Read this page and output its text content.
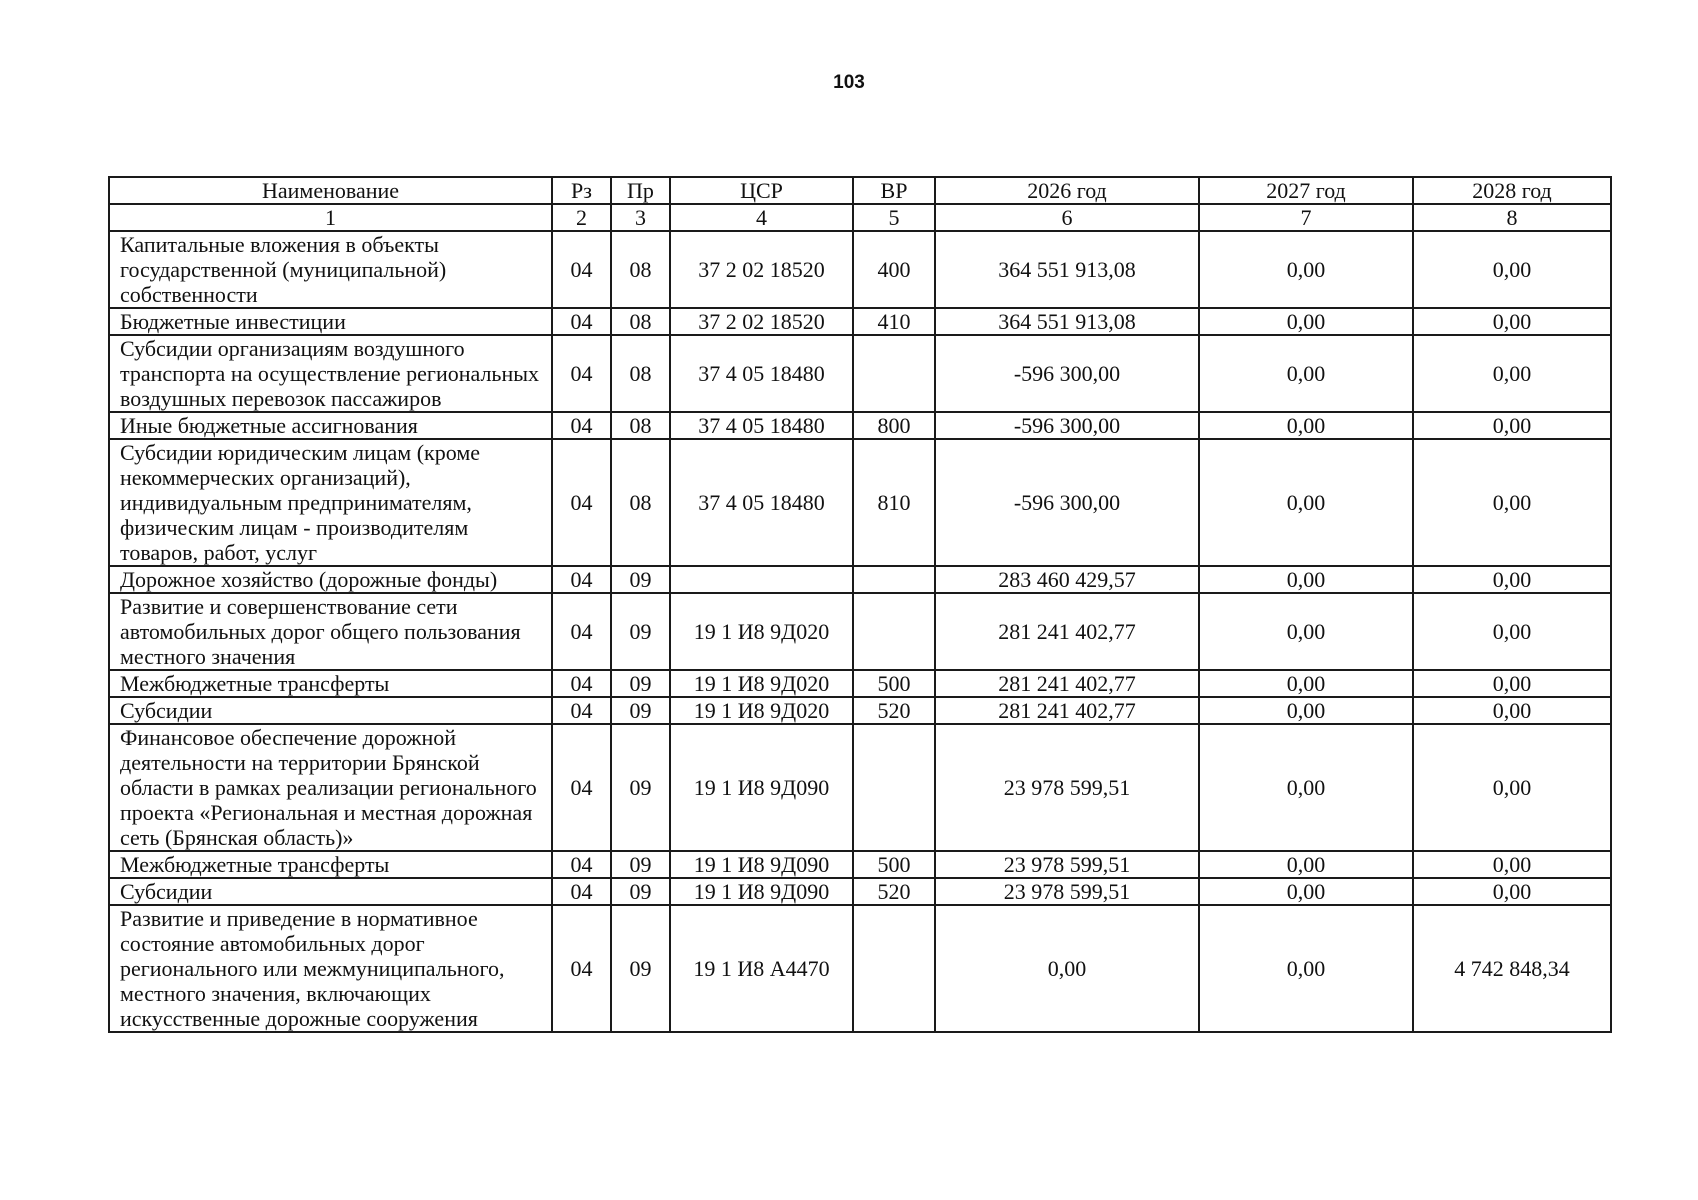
103
Наименование	Рз	Пр	ЦСР	ВР	2026 год	2027 год	2028 год
1	2	3	4	5	6	7	8
Капитальные вложения в объекты государственной (муниципальной) собственности	04	08	37 2 02 18520	400	364 551 913,08	0,00	0,00
Бюджетные инвестиции	04	08	37 2 02 18520	410	364 551 913,08	0,00	0,00
Субсидии организациям воздушного транспорта на осуществление региональных воздушных перевозок пассажиров	04	08	37 4 05 18480		-596 300,00	0,00	0,00
Иные бюджетные ассигнования	04	08	37 4 05 18480	800	-596 300,00	0,00	0,00
Субсидии юридическим лицам (кроме некоммерческих организаций), индивидуальным предпринимателям, физическим лицам - производителям товаров, работ, услуг	04	08	37 4 05 18480	810	-596 300,00	0,00	0,00
Дорожное хозяйство (дорожные фонды)	04	09			283 460 429,57	0,00	0,00
Развитие и совершенствование сети автомобильных дорог общего пользования местного значения	04	09	19 1 И8 9Д020		281 241 402,77	0,00	0,00
Межбюджетные трансферты	04	09	19 1 И8 9Д020	500	281 241 402,77	0,00	0,00
Субсидии	04	09	19 1 И8 9Д020	520	281 241 402,77	0,00	0,00
Финансовое обеспечение дорожной деятельности на территории Брянской области в рамках реализации регионального проекта «Региональная и местная дорожная сеть (Брянская область)»	04	09	19 1 И8 9Д090		23 978 599,51	0,00	0,00
Межбюджетные трансферты	04	09	19 1 И8 9Д090	500	23 978 599,51	0,00	0,00
Субсидии	04	09	19 1 И8 9Д090	520	23 978 599,51	0,00	0,00
Развитие и приведение в нормативное состояние автомобильных дорог регионального или межмуниципального, местного значения, включающих искусственные дорожные сооружения	04	09	19 1 И8 А4470		0,00	0,00	4 742 848,34
